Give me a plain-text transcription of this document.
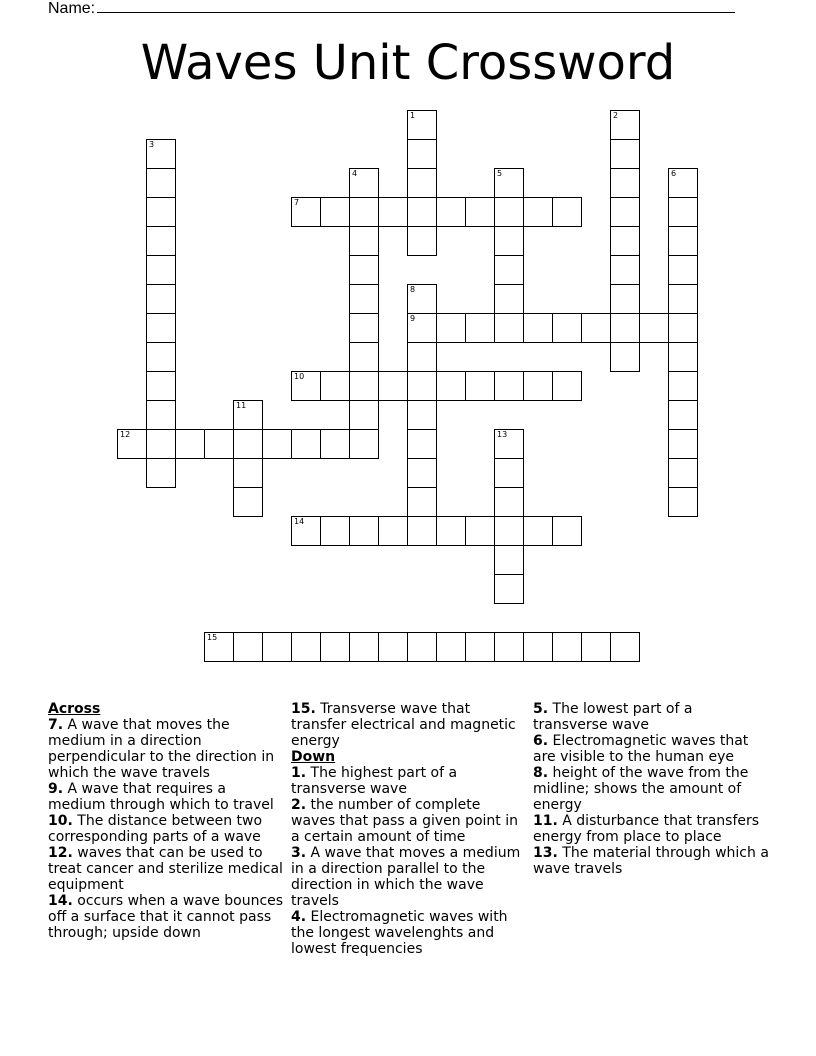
Name:
Waves Unit Crossword
1	2
3
4	5	6
7
8
9
10
11
12	13
14
15
Across
7. A wave that moves the medium in a direction perpendicular to the direction in which the wave travels
9. A wave that requires a medium through which to travel
10. The distance between two corresponding parts of a wave
12. waves that can be used to treat cancer and sterilize medical equipment
14. occurs when a wave bounces off a surface that it cannot pass through; upside down
15. Transverse wave that transfer electrical and magnetic energy
Down
1. The highest part of a transverse wave
2. the number of complete waves that pass a given point in a certain amount of time
3. A wave that moves a medium in a direction parallel to the direction in which the wave travels
4. Electromagnetic waves with the longest wavelenghts and lowest frequencies
5. The lowest part of a transverse wave
6. Electromagnetic waves that are visible to the human eye
8. height of the wave from the midline; shows the amount of energy
11. A disturbance that transfers energy from place to place
13. The material through which a wave travels
